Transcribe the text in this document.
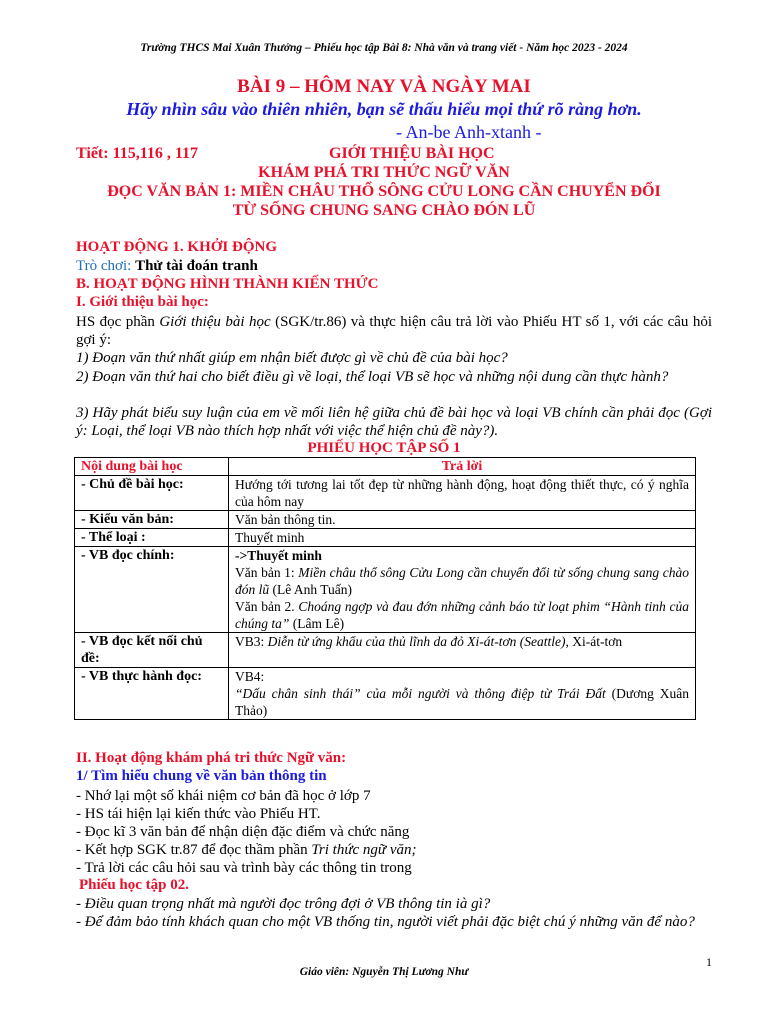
Trường THCS Mai Xuân Thưởng – Phiếu học tập Bài 8: Nhà văn và trang viết - Năm học 2023 - 2024
BÀI 9 – HÔM NAY VÀ NGÀY MAI
Hãy nhìn sâu vào thiên nhiên, bạn sẽ thấu hiểu mọi thứ rõ ràng hơn.
- An-be Anh-xtanh -
Tiết: 115,116 , 117	GIỚI THIỆU BÀI HỌC
KHÁM PHÁ TRI THỨC NGỮ VĂN
ĐỌC VĂN BẢN 1: MIỀN CHÂU THỔ SÔNG CỬU LONG CẦN CHUYỂN ĐỔI
TỪ SỐNG CHUNG SANG CHÀO ĐÓN LŨ
HOẠT ĐỘNG 1. KHỞI ĐỘNG
Trò chơi: Thử tài đoán tranh
B. HOẠT ĐỘNG HÌNH THÀNH KIẾN THỨC
I. Giới thiệu bài học:
HS đọc phần Giới thiệu bài học (SGK/tr.86) và thực hiện câu trả lời vào Phiếu HT số 1, với các câu hỏi gợi ý:
1) Đoạn văn thứ nhất giúp em nhận biết được gì về chủ đề của bài học?
2) Đoạn văn thứ hai cho biết điều gì về loại, thể loại VB sẽ học và những nội dung cần thực hành?
3) Hãy phát biểu suy luận của em về mối liên hệ giữa chủ đề bài học và loại VB chính cần phải đọc (Gợi ý: Loại, thể loại VB nào thích hợp nhất với việc thể hiện chủ đề này?).
PHIẾU HỌC TẬP SỐ 1
Nội dung bài học	Trả lời
- Chủ đề bài học:	Hướng tới tương lai tốt đẹp từ những hành động, hoạt động thiết thực, có ý nghĩa của hôm nay
- Kiểu văn bản:	Văn bản thông tin.
- Thể loại :	Thuyết minh
- VB đọc chính:	->Thuyết minh
Văn bản 1: Miền châu thổ sông Cửu Long cần chuyển đổi từ sống chung sang chào đón lũ (Lê Anh Tuấn)
Văn bản 2. Choáng ngợp và đau đớn những cảnh báo từ loạt phim “Hành tinh của chúng ta” (Lâm Lê)

- VB đọc kết nối chủ đề:	VB3: Diễn từ ứng khẩu của thủ lĩnh da đỏ Xi-át-tơn (Seattle), Xi-át-tơn
- VB thực hành đọc:	VB4:
“Dấu chân sinh thái” của mỗi người và thông điệp từ Trái Đất (Dương Xuân Thảo)
II. Hoạt động khám phá tri thức Ngữ văn:
1/ Tìm hiểu chung về văn bản thông tin
- Nhớ lại một số khái niệm cơ bản đã học ở lớp 7
- HS tái hiện lại kiến thức vào Phiếu HT.
- Đọc kĩ 3 văn bản để nhận diện đặc điểm và chức năng
- Kết hợp SGK tr.87 để đọc thầm phần Tri thức ngữ văn;
- Trả lời các câu hỏi sau và trình bày các thông tin trong
Phiếu học tập 02.
- Điều quan trọng nhất mà người đọc trông đợi ở VB thông tin ià gì?
- Để đảm bảo tính khách quan cho một VB thống tin, người viết phải đặc biệt chú ý những văn để nào?
1
Giáo viên: Nguyễn Thị Lương Như
